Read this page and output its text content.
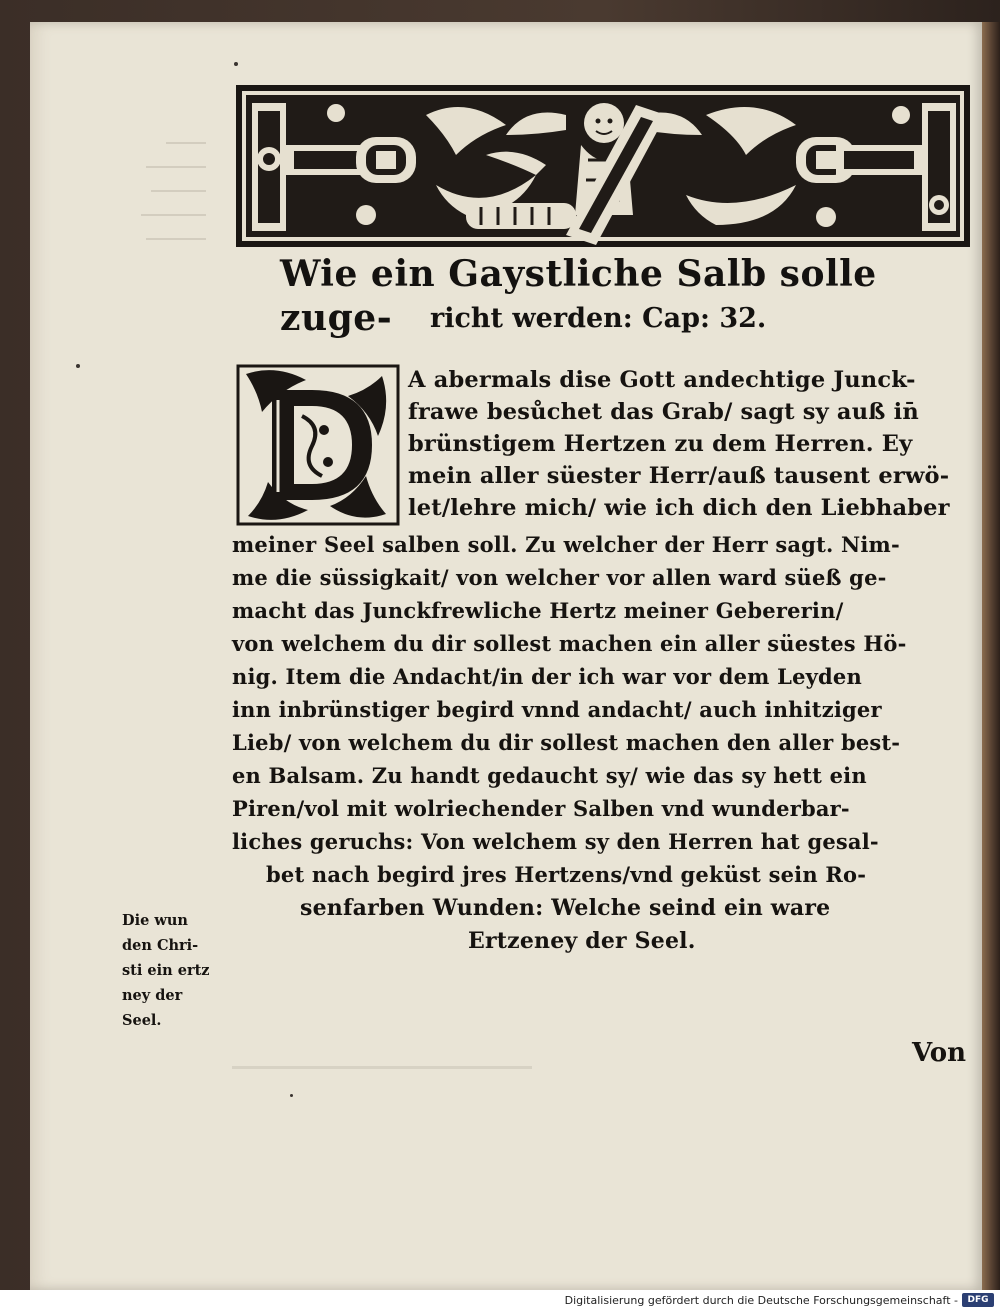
Wie ein Gaystliche Salb solle zuge-	richt werden: Cap: 32.
A abermals dise Gott andechtige Junck-
frawe besůchet das Grab/ sagt sy auß in̄
brünstigem Hertzen zu dem Herren. Ey
mein aller süester Herr/auß tausent erwö-
let/lehre mich/ wie ich dich den Liebhaber
meiner Seel salben soll. Zu welcher der Herr sagt. Nim-
me die süssigkait/ von welcher vor allen ward süeß ge-
macht das Junckfrewliche Hertz meiner Gebererin/
von welchem du dir sollest machen ein aller süestes Hö-
nig. Item die Andacht/in der ich war vor dem Leyden
inn inbrünstiger begird vnnd andacht/ auch inhitziger
Lieb/ von welchem du dir sollest machen den aller best-
en Balsam. Zu handt gedaucht sy/ wie das sy hett ein
Piren/vol mit wolriechender Salben vnd wunderbar-
liches geruchs: Von welchem sy den Herren hat gesal-
bet nach begird jres Hertzens/vnd geküst sein Ro-
senfarben Wunden: Welche seind ein ware
Ertzeney der Seel.
Die wun
den Chri-
sti ein ertz
ney der
Seel.
Von
Digitalisierung gefördert durch die Deutsche Forschungsgemeinschaft -	DFG
